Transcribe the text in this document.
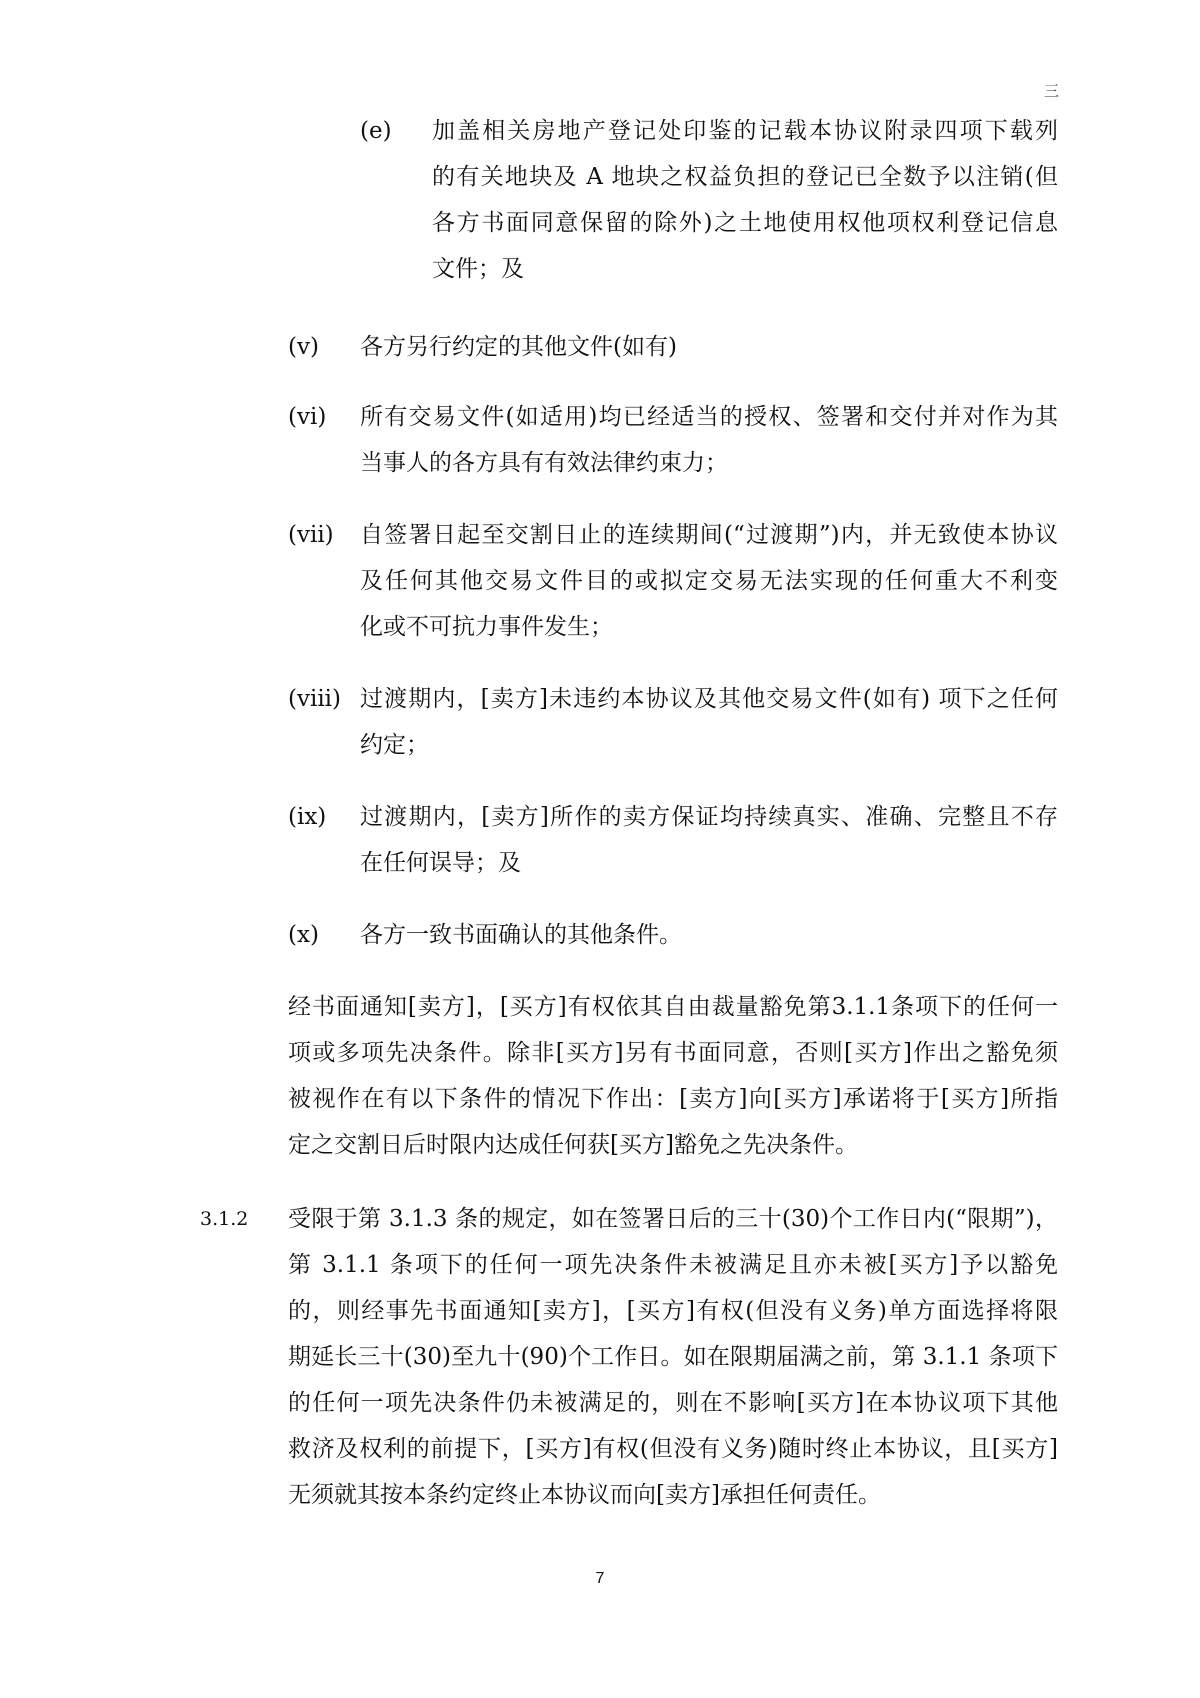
三
(e) 加盖相关房地产登记处印鉴的记载本协议附录四项下载列
的有关地块及 A 地块之权益负担的登记已全数予以注销(但
各方书面同意保留的除外)之土地使用权他项权利登记信息
文件；及
(v) 各方另行约定的其他文件(如有)
(vi) 所有交易文件(如适用)均已经适当的授权、签署和交付并对作为其
当事人的各方具有有效法律约束力；
(vii) 自签署日起至交割日止的连续期间(“过渡期”)内，并无致使本协议
及任何其他交易文件目的或拟定交易无法实现的任何重大不利变
化或不可抗力事件发生；
(viii) 过渡期内，[卖方]未违约本协议及其他交易文件(如有) 项下之任何
约定；
(ix) 过渡期内，[卖方]所作的卖方保证均持续真实、准确、完整且不存
在任何误导；及
(x) 各方一致书面确认的其他条件。
经书面通知[卖方]，[买方]有权依其自由裁量豁免第3.1.1条项下的任何一
项或多项先决条件。除非[买方]另有书面同意，否则[买方]作出之豁免须
被视作在有以下条件的情况下作出：[卖方]向[买方]承诺将于[买方]所指
定之交割日后时限内达成任何获[买方]豁免之先决条件。
3.1.2 受限于第 3.1.3 条的规定，如在签署日后的三十(30)个工作日内(“限期”)，
第 3.1.1 条项下的任何一项先决条件未被满足且亦未被[买方]予以豁免
的，则经事先书面通知[卖方]，[买方]有权(但没有义务)单方面选择将限
期延长三十(30)至九十(90)个工作日。如在限期届满之前，第 3.1.1 条项下
的任何一项先决条件仍未被满足的，则在不影响[买方]在本协议项下其他
救济及权利的前提下，[买方]有权(但没有义务)随时终止本协议，且[买方]
无须就其按本条约定终止本协议而向[卖方]承担任何责任。
7
